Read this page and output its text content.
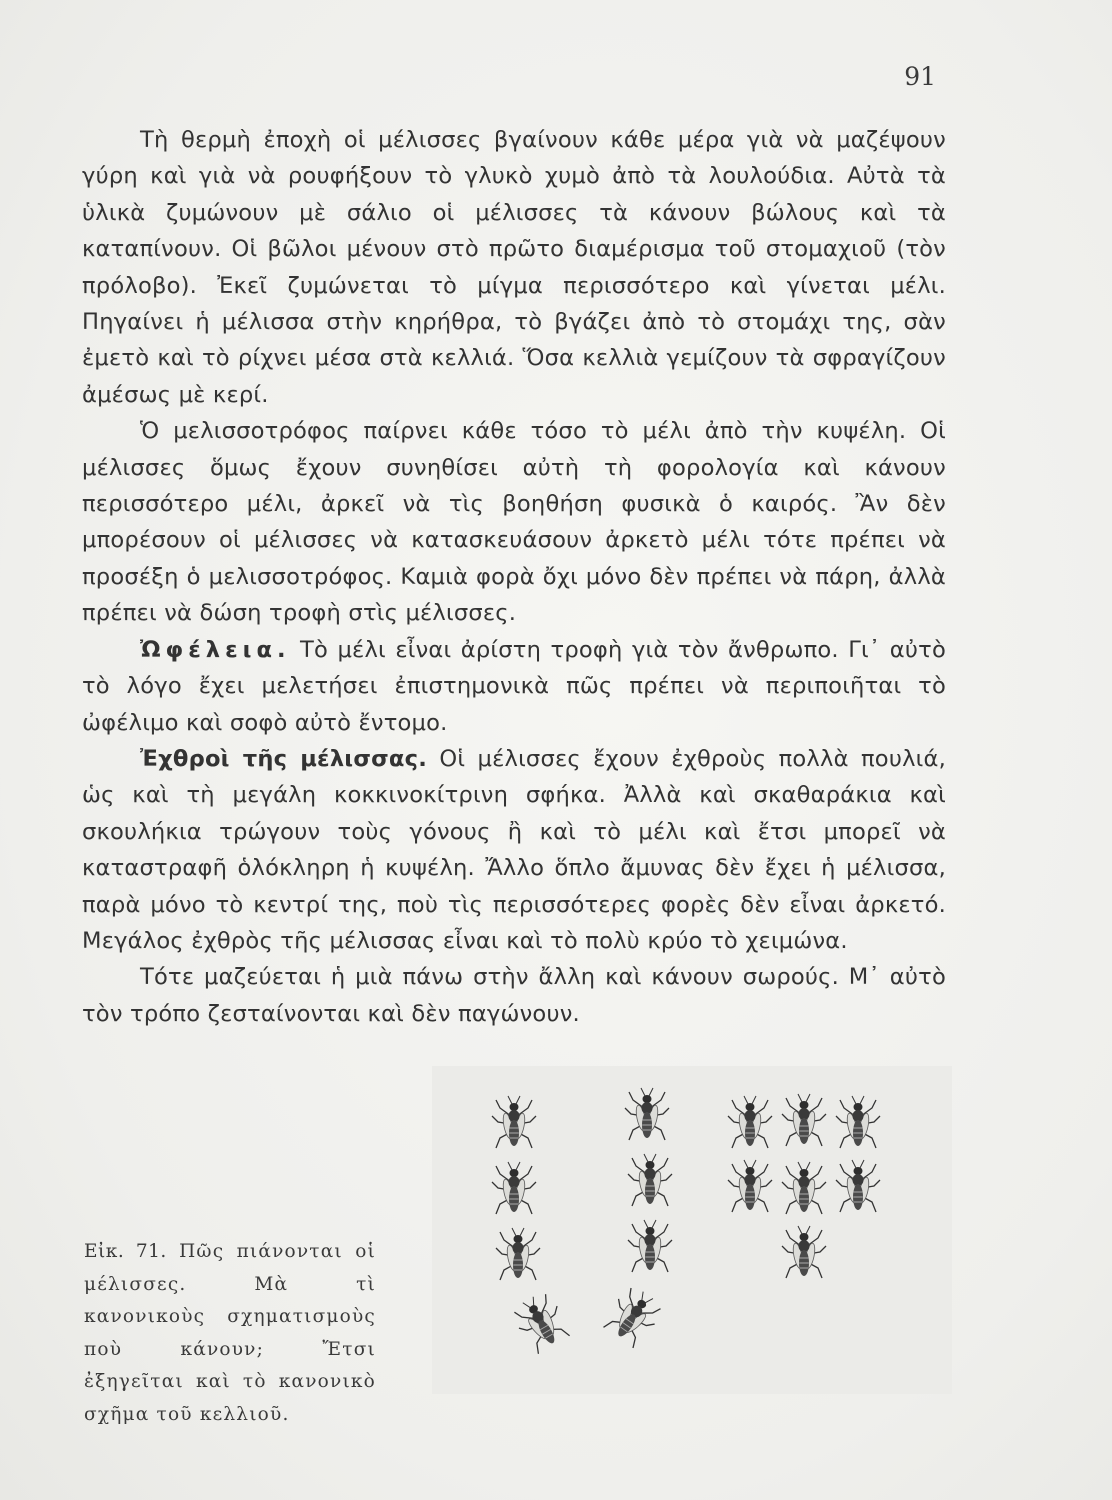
91

Τὴ θερμὴ ἐποχὴ οἱ μέλισσες βγαίνουν κάθε μέρα γιὰ νὰ μαζέψουν γύρη καὶ γιὰ νὰ ρουφήξουν τὸ γλυκὸ χυμὸ ἀπὸ τὰ λουλούδια. Αὐτὰ τὰ ὑλικὰ ζυμώνουν μὲ σάλιο οἱ μέλισσες τὰ κάνουν βώλους καὶ τὰ καταπίνουν. Οἱ βῶλοι μένουν στὸ πρῶτο διαμέρισμα τοῦ στομαχιοῦ (τὸν πρόλοβο). Ἐκεῖ ζυμώνεται τὸ μίγμα περισσότερο καὶ γίνεται μέλι. Πηγαίνει ἡ μέλισσα στὴν κηρήθρα, τὸ βγάζει ἀπὸ τὸ στομάχι της, σὰν ἐμετὸ καὶ τὸ ρίχνει μέσα στὰ κελλιά. Ὅσα κελλιὰ γεμίζουν τὰ σφραγίζουν ἀμέσως μὲ κερί.

Ὁ μελισσοτρόφος παίρνει κάθε τόσο τὸ μέλι ἀπὸ τὴν κυψέλη. Οἱ μέλισσες ὅμως ἔχουν συνηθίσει αὐτὴ τὴ φορολογία καὶ κάνουν περισσότερο μέλι, ἀρκεῖ νὰ τὶς βοηθήση φυσικὰ ὁ καιρός. Ἂν δὲν μπορέσουν οἱ μέλισσες νὰ κατασκευάσουν ἀρκετὸ μέλι τότε πρέπει νὰ προσέξη ὁ μελισσοτρόφος. Καμιὰ φορὰ ὄχι μόνο δὲν πρέπει νὰ πάρη, ἀλλὰ πρέπει νὰ δώση τροφὴ στὶς μέλισσες.

Ὠφέλεια. Τὸ μέλι εἶναι ἀρίστη τροφὴ γιὰ τὸν ἄνθρωπο. Γι᾽ αὐτὸ τὸ λόγο ἔχει μελετήσει ἐπιστημονικὰ πῶς πρέπει νὰ περιποιῆται τὸ ὠφέλιμο καὶ σοφὸ αὐτὸ ἔντομο.

Ἐχθροὶ τῆς μέλισσας. Οἱ μέλισσες ἔχουν ἐχθροὺς πολλὰ πουλιά, ὡς καὶ τὴ μεγάλη κοκκινοκίτρινη σφήκα. Ἀλλὰ καὶ σκαθαράκια καὶ σκουλήκια τρώγουν τοὺς γόνους ἢ καὶ τὸ μέλι καὶ ἔτσι μπορεῖ νὰ καταστραφῆ ὁλόκληρη ἡ κυψέλη. Ἄλλο ὅπλο ἄμυνας δὲν ἔχει ἡ μέλισσα, παρὰ μόνο τὸ κεντρί της, ποὺ τὶς περισσότερες φορὲς δὲν εἶναι ἀρκετό. Μεγάλος ἐχθρὸς τῆς μέλισσας εἶναι καὶ τὸ πολὺ κρύο τὸ χειμώνα.

Τότε μαζεύεται ἡ μιὰ πάνω στὴν ἄλλη καὶ κάνουν σωρούς. Μ᾽ αὐτὸ τὸν τρόπο ζεσταίνονται καὶ δὲν παγώνουν.

Εἰκ. 71. Πῶς πιάνονται οἱ μέλισσες. Μὰ τὶ κανονικοὺς σχηματισμοὺς ποὺ κάνουν; Ἔτσι ἐξηγεῖται καὶ τὸ κανονικὸ σχῆμα τοῦ κελλιοῦ.
